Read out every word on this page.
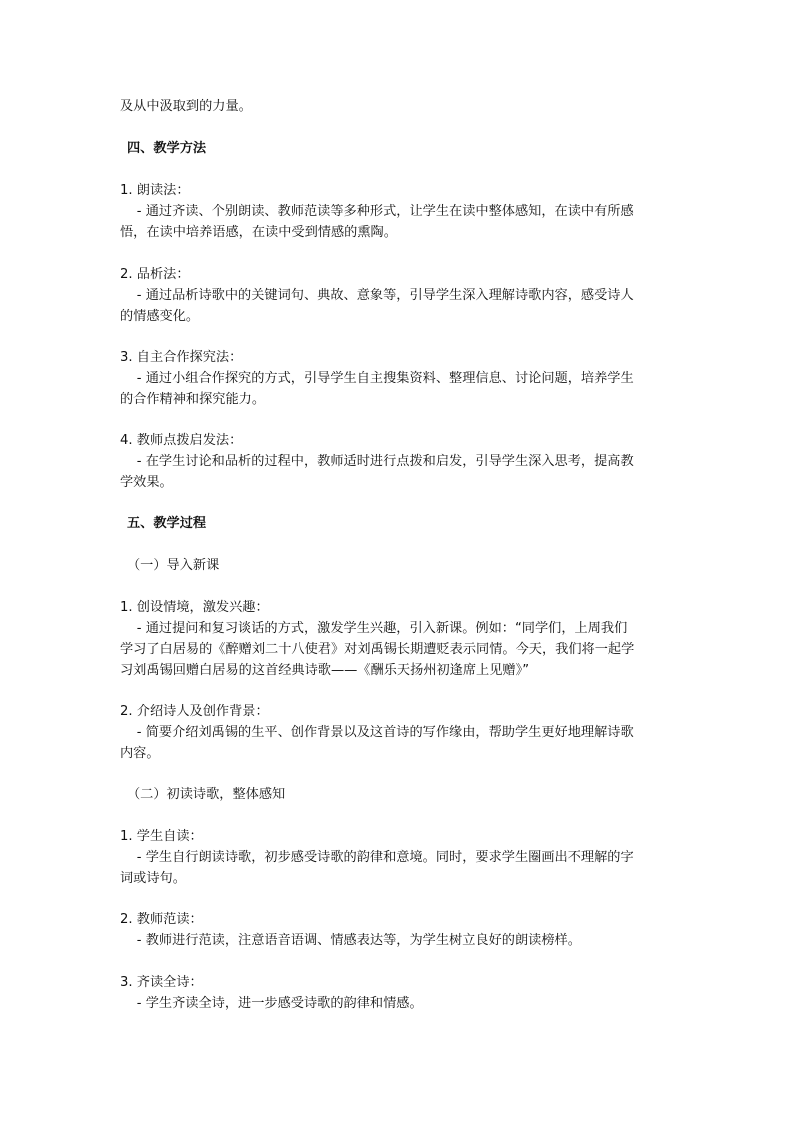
及从中汲取到的力量。
四、教学方法
1. 朗读法：
- 通过齐读、个别朗读、教师范读等多种形式，让学生在读中整体感知，在读中有所感
悟，在读中培养语感，在读中受到情感的熏陶。
2. 品析法：
- 通过品析诗歌中的关键词句、典故、意象等，引导学生深入理解诗歌内容，感受诗人
的情感变化。
3. 自主合作探究法：
- 通过小组合作探究的方式，引导学生自主搜集资料、整理信息、讨论问题，培养学生
的合作精神和探究能力。
4. 教师点拨启发法：
- 在学生讨论和品析的过程中，教师适时进行点拨和启发，引导学生深入思考，提高教
学效果。
五、教学过程
（一）导入新课
1. 创设情境，激发兴趣：
- 通过提问和复习谈话的方式，激发学生兴趣，引入新课。例如：“同学们，上周我们
学习了白居易的《醉赠刘二十八使君》对刘禹锡长期遭贬表示同情。今天，我们将一起学
习刘禹锡回赠白居易的这首经典诗歌——《酬乐天扬州初逢席上见赠》”
2. 介绍诗人及创作背景：
- 简要介绍刘禹锡的生平、创作背景以及这首诗的写作缘由，帮助学生更好地理解诗歌
内容。
（二）初读诗歌，整体感知
1. 学生自读：
- 学生自行朗读诗歌，初步感受诗歌的韵律和意境。同时，要求学生圈画出不理解的字
词或诗句。
2. 教师范读：
- 教师进行范读，注意语音语调、情感表达等，为学生树立良好的朗读榜样。
3. 齐读全诗：
- 学生齐读全诗，进一步感受诗歌的韵律和情感。
